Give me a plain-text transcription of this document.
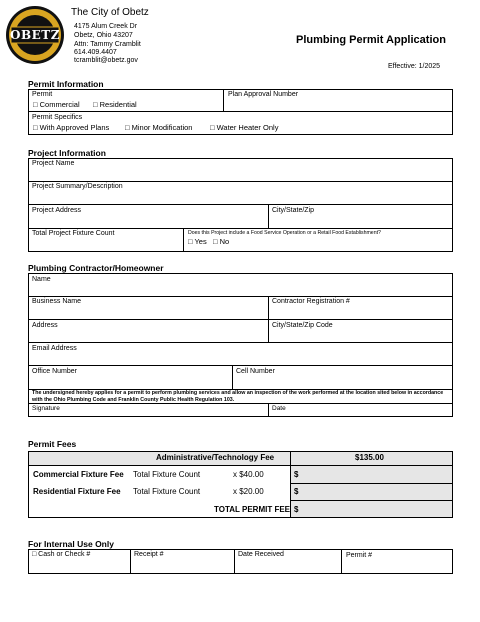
OBETZ
The City of Obetz
4175 Alum Creek Dr
Obetz, Ohio 43207
Attn: Tammy Cramblit
614.409.4407
tcramblit@obetz.gov
Plumbing Permit Application
Effective: 1/2025
Permit Information
Permit
□ Commercial □ Residential
Plan Approval Number
Permit Specifics
□ With Approved Plans □ Minor Modification □ Water Heater Only
Project Information
Project Name
Project Summary/Description
Project Address	City/State/Zip
Total Project Fixture Count	Does this Project include a Food Service Operation or a Retail Food Establishment?
□ Yes □ No
Plumbing Contractor/Homeowner
Name
Business Name	Contractor Registration #
Address	City/State/Zip Code
Email Address
Office Number	Cell Number
The undersigned hereby applies for a permit to perform plumbing services and allow an inspection of the work performed at the location sited below in accordance with the Ohio Plumbing Code and Franklin County Public Health Regulation 103.
Signature	Date
Permit Fees
Administrative/Technology Fee	$135.00
Commercial Fixture Fee Total Fixture Count	x $40.00	$
Residential Fixture Fee Total Fixture Count	x $20.00	$
TOTAL PERMIT FEE $
For Internal Use Only
□ Cash or Check #	Receipt #	Date Received	Permit #
